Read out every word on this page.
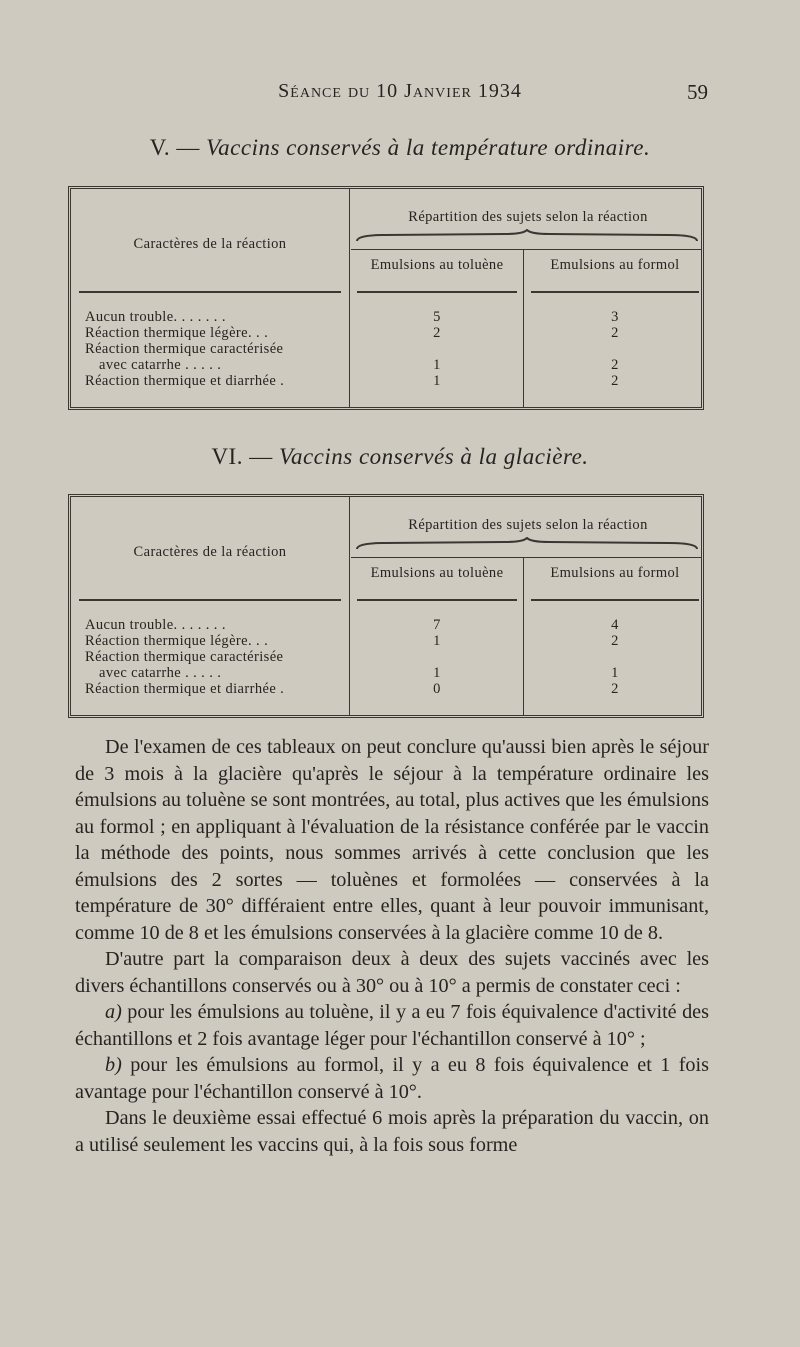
Séance du 10 Janvier 1934	59
V. — Vaccins conservés à la température ordinaire.
Caractères de la réaction
Répartition des sujets selon la réaction
Emulsions au toluène	Emulsions au formol
Aucun trouble. . . . . . .	5	3
Réaction thermique légère. . .	2	2
Réaction thermique caractérisée
avec catarrhe . . . . .	1	2
Réaction thermique et diarrhée .	1	2
VI. — Vaccins conservés à la glacière.
Caractères de la réaction
Répartition des sujets selon la réaction
Emulsions au toluène	Emulsions au formol
Aucun trouble. . . . . . .	7	4
Réaction thermique légère. . .	1	2
Réaction thermique caractérisée
avec catarrhe . . . . .	1	1
Réaction thermique et diarrhée .	0	2

De l'examen de ces tableaux on peut conclure qu'aussi bien après le séjour de 3 mois à la glacière qu'après le séjour à la température ordinaire les émulsions au toluène se sont montrées, au total, plus actives que les émulsions au formol ; en appliquant à l'évaluation de la résistance conférée par le vaccin la méthode des points, nous sommes arrivés à cette conclusion que les émulsions des 2 sortes — toluènes et formolées — conservées à la température de 30° différaient entre elles, quant à leur pouvoir immunisant, comme 10 de 8 et les émulsions conservées à la glacière comme 10 de 8.

D'autre part la comparaison deux à deux des sujets vaccinés avec les divers échantillons conservés ou à 30° ou à 10° a permis de constater ceci :

a) pour les émulsions au toluène, il y a eu 7 fois équivalence d'activité des échantillons et 2 fois avantage léger pour l'échantillon conservé à 10° ;

b) pour les émulsions au formol, il y a eu 8 fois équivalence et 1 fois avantage pour l'échantillon conservé à 10°.

Dans le deuxième essai effectué 6 mois après la préparation du vaccin, on a utilisé seulement les vaccins qui, à la fois sous forme
